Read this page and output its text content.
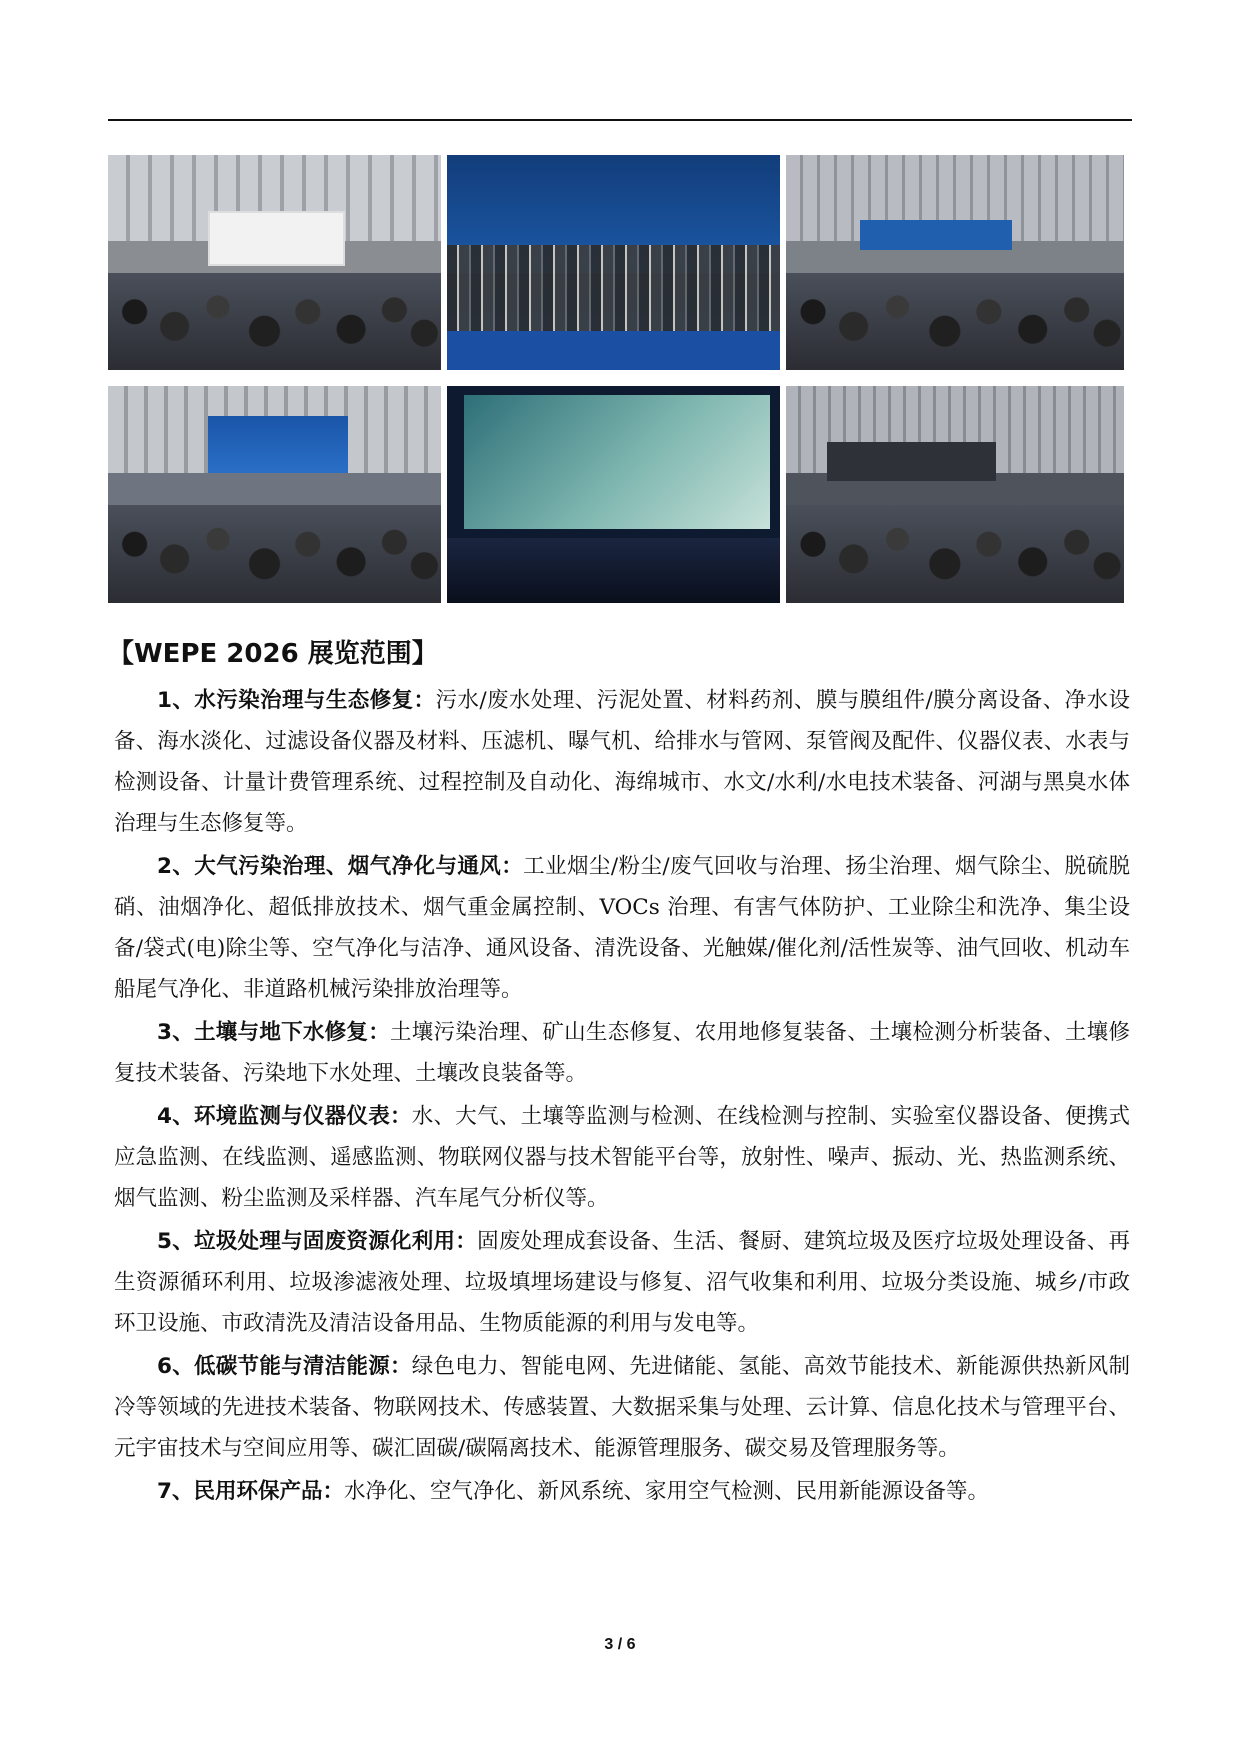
【WEPE 2026 展览范围】
1、水污染治理与生态修复：污水/废水处理、污泥处置、材料药剂、膜与膜组件/膜分离设备、净水设备、海水淡化、过滤设备仪器及材料、压滤机、曝气机、给排水与管网、泵管阀及配件、仪器仪表、水表与检测设备、计量计费管理系统、过程控制及自动化、海绵城市、水文/水利/水电技术装备、河湖与黑臭水体治理与生态修复等。
2、大气污染治理、烟气净化与通风：工业烟尘/粉尘/废气回收与治理、扬尘治理、烟气除尘、脱硫脱硝、油烟净化、超低排放技术、烟气重金属控制、VOCs 治理、有害气体防护、工业除尘和洗净、集尘设备/袋式(电)除尘等、空气净化与洁净、通风设备、清洗设备、光触媒/催化剂/活性炭等、油气回收、机动车船尾气净化、非道路机械污染排放治理等。
3、土壤与地下水修复：土壤污染治理、矿山生态修复、农用地修复装备、土壤检测分析装备、土壤修复技术装备、污染地下水处理、土壤改良装备等。
4、环境监测与仪器仪表：水、大气、土壤等监测与检测、在线检测与控制、实验室仪器设备、便携式应急监测、在线监测、遥感监测、物联网仪器与技术智能平台等，放射性、噪声、振动、光、热监测系统、烟气监测、粉尘监测及采样器、汽车尾气分析仪等。
5、垃圾处理与固废资源化利用：固废处理成套设备、生活、餐厨、建筑垃圾及医疗垃圾处理设备、再生资源循环利用、垃圾渗滤液处理、垃圾填埋场建设与修复、沼气收集和利用、垃圾分类设施、城乡/市政环卫设施、市政清洗及清洁设备用品、生物质能源的利用与发电等。
6、低碳节能与清洁能源：绿色电力、智能电网、先进储能、氢能、高效节能技术、新能源供热新风制冷等领域的先进技术装备、物联网技术、传感装置、大数据采集与处理、云计算、信息化技术与管理平台、元宇宙技术与空间应用等、碳汇固碳/碳隔离技术、能源管理服务、碳交易及管理服务等。
7、民用环保产品：水净化、空气净化、新风系统、家用空气检测、民用新能源设备等。
3 / 6
